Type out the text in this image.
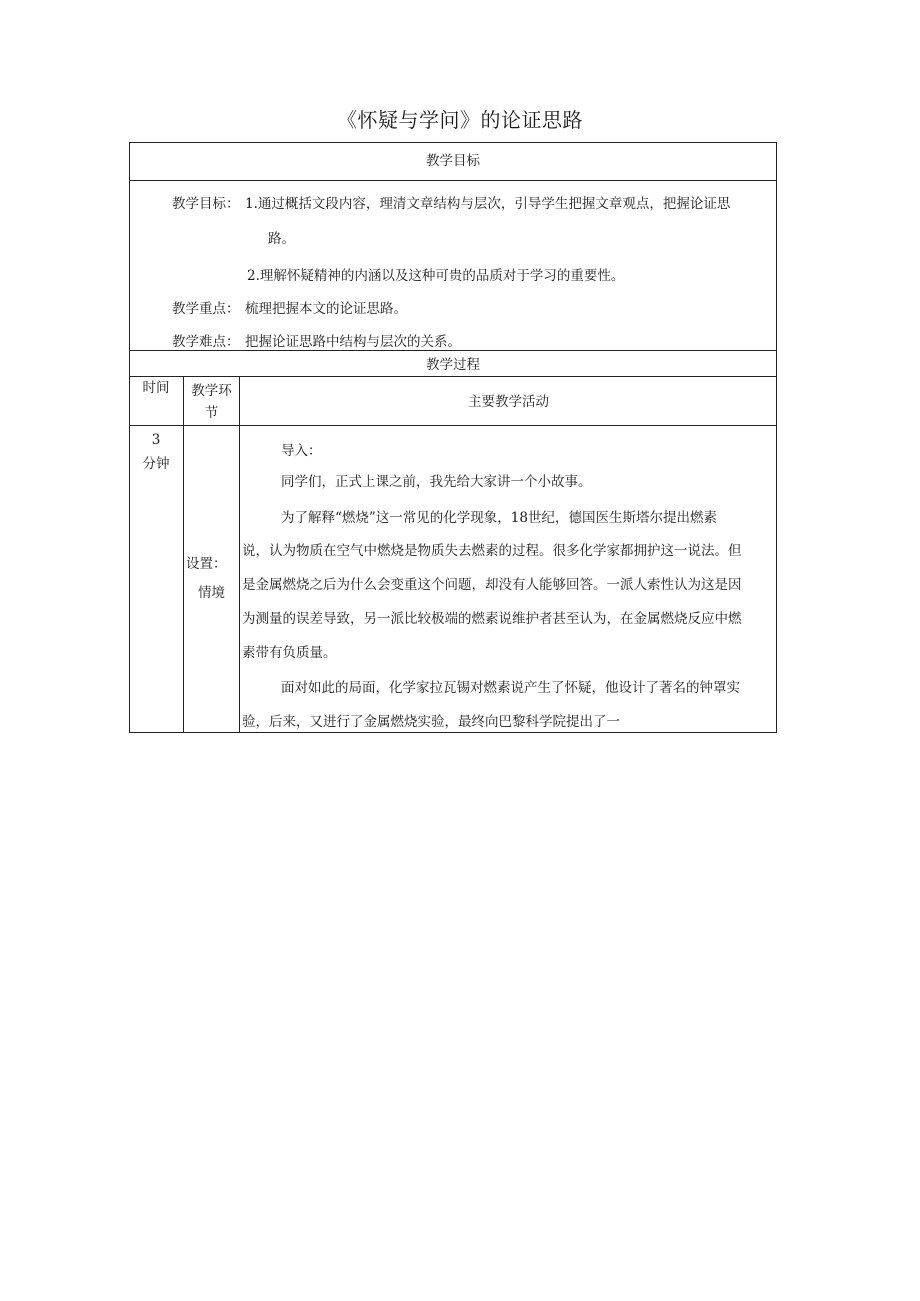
《怀疑与学问》的论证思路
教学目标
教学目标： 1.通过概括文段内容，理清文章结构与层次，引导学生把握文章观点，把握论证思
路。
2.理解怀疑精神的内涵以及这种可贵的品质对于学习的重要性。
教学重点： 梳理把握本文的论证思路。
教学难点： 把握论证思路中结构与层次的关系。
教学过程
时间	教学环
节
主要教学活动
3
分钟
设置：
情境
导入：
同学们，正式上课之前，我先给大家讲一个小故事。
为了解释“燃烧”这一常见的化学现象，18世纪，德国医生斯塔尔提出燃素
说，认为物质在空气中燃烧是物质失去燃素的过程。很多化学家都拥护这一说法。但
是金属燃烧之后为什么会变重这个问题，却没有人能够回答。一派人索性认为这是因
为测量的误差导致，另一派比较极端的燃素说维护者甚至认为，在金属燃烧反应中燃
素带有负质量。
面对如此的局面，化学家拉瓦锡对燃素说产生了怀疑，他设计了著名的钟罩实
验，后来，又进行了金属燃烧实验，最终向巴黎科学院提出了一
